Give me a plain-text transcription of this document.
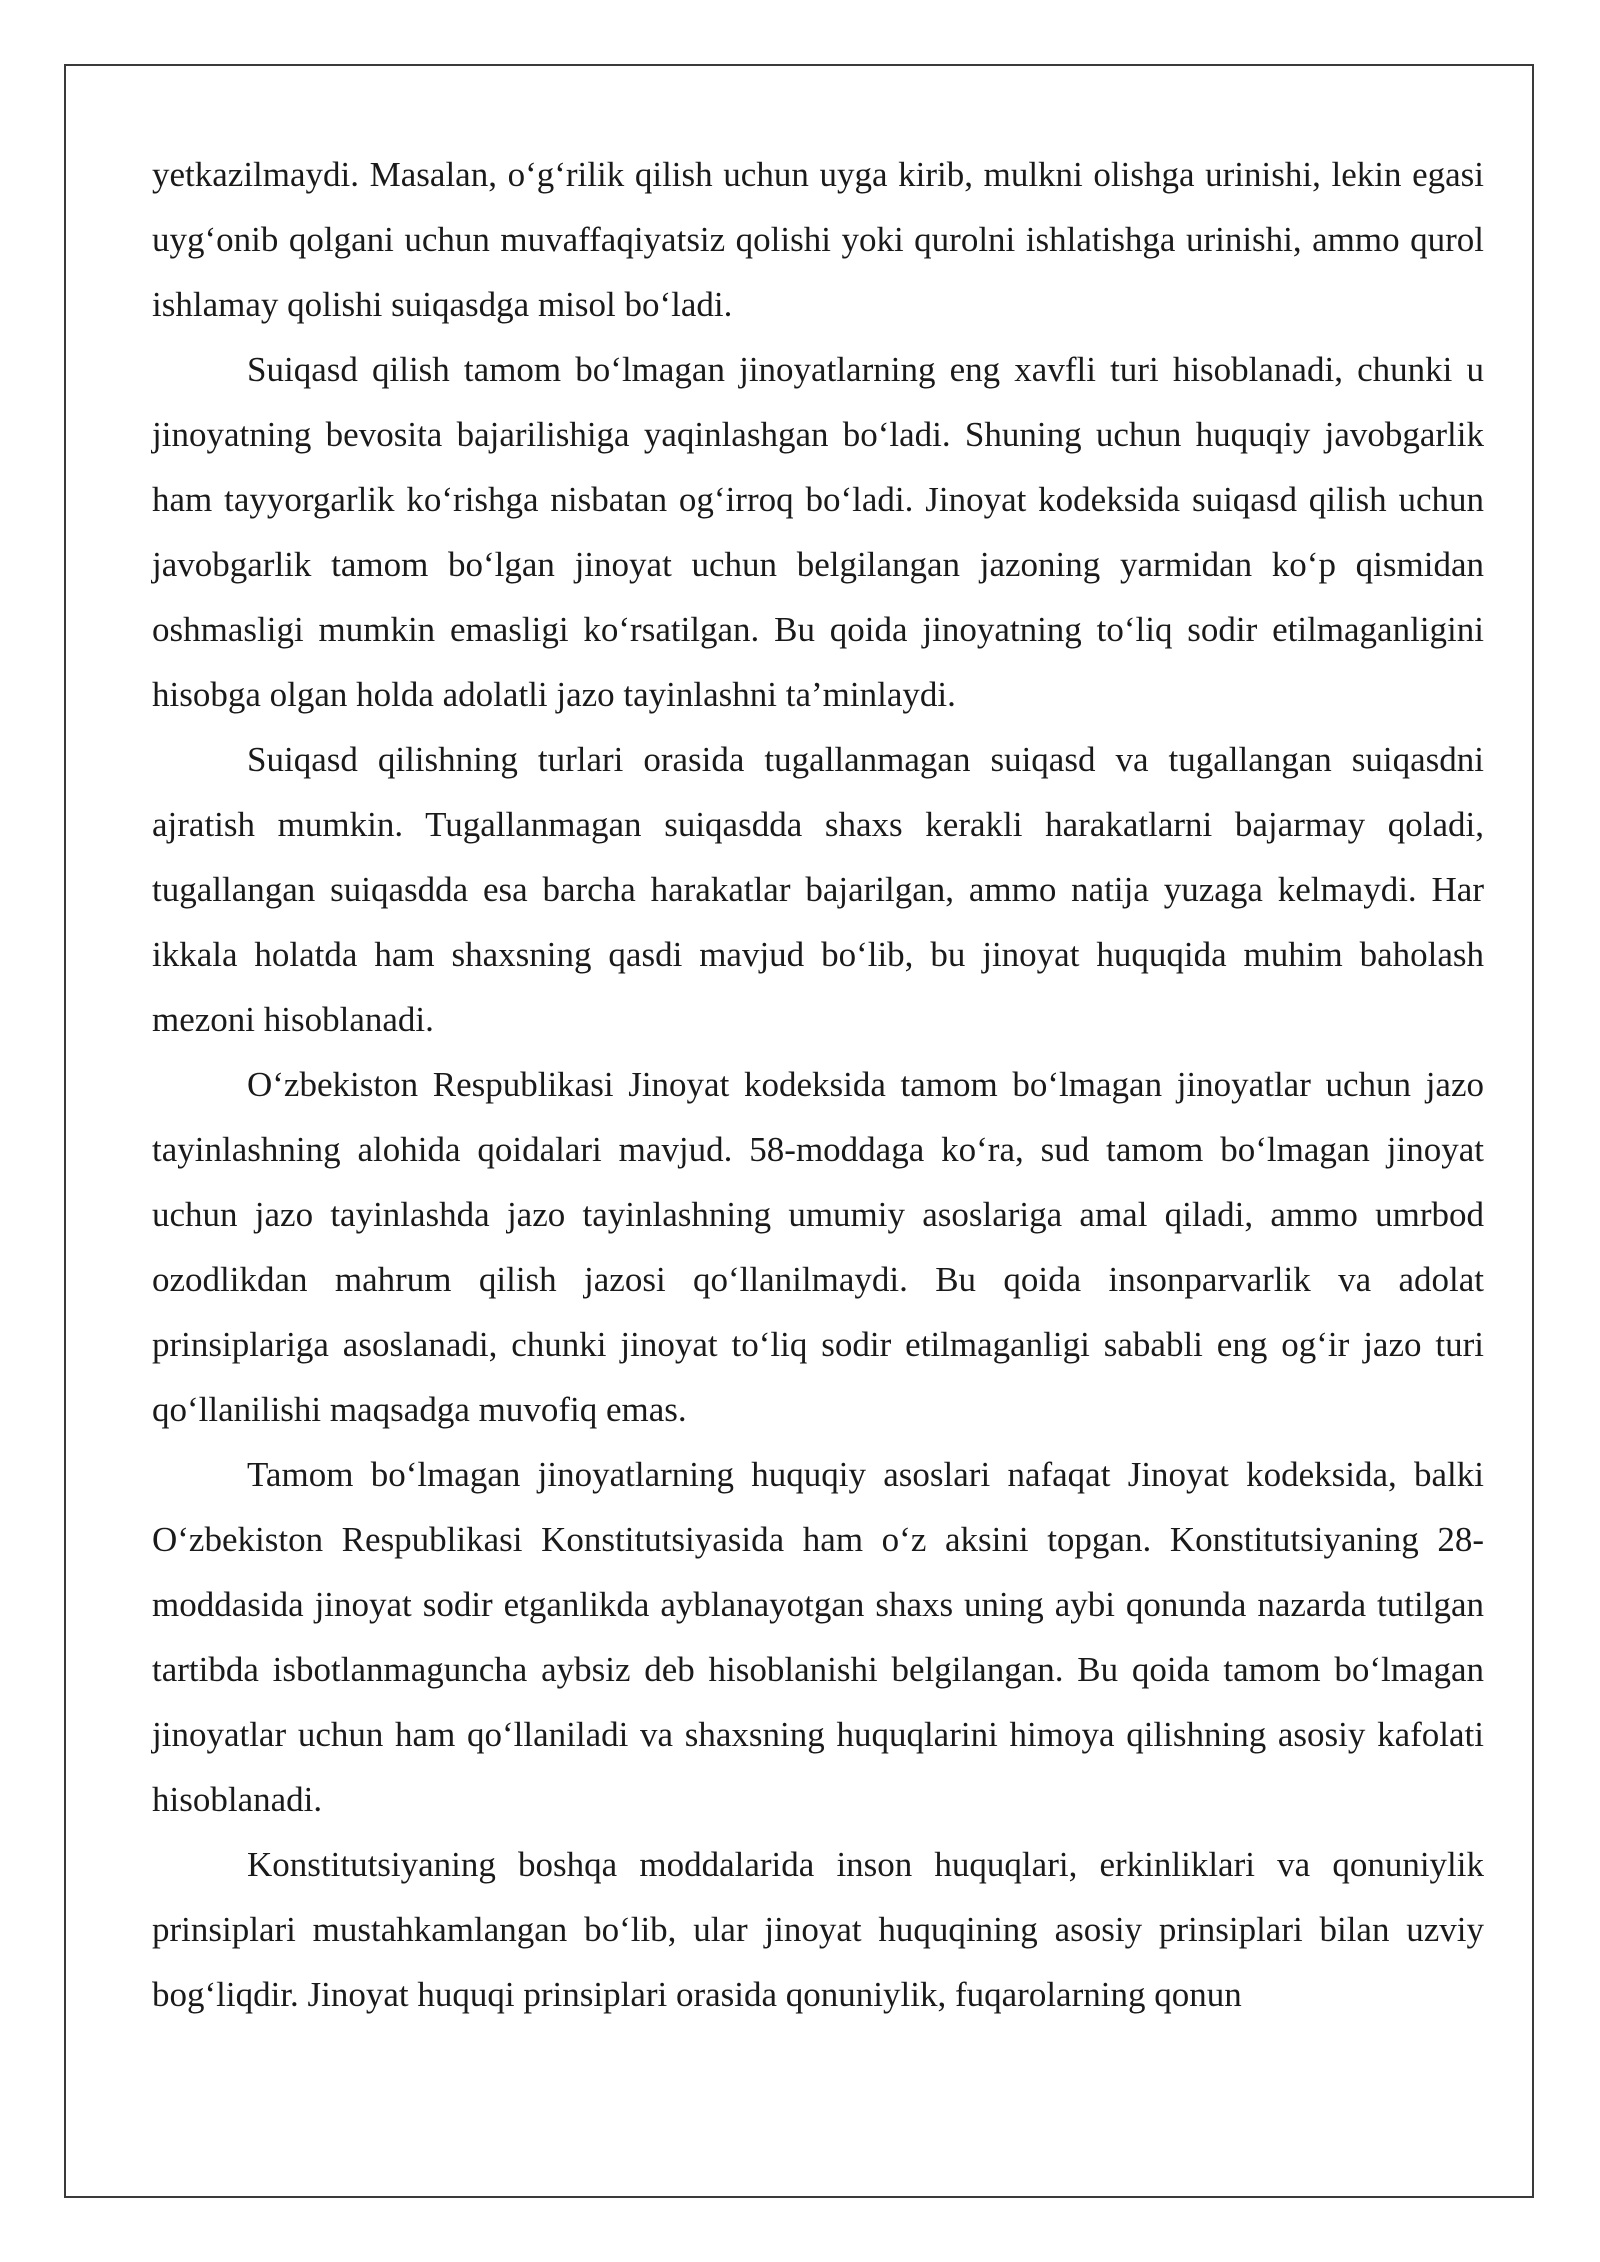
yetkazilmaydi. Masalan, o‘g‘rilik qilish uchun uyga kirib, mulkni olishga urinishi, lekin egasi uyg‘onib qolgani uchun muvaffaqiyatsiz qolishi yoki qurolni ishlatishga urinishi, ammo qurol ishlamay qolishi suiqasdga misol bo‘ladi.

Suiqasd qilish tamom bo‘lmagan jinoyatlarning eng xavfli turi hisoblanadi, chunki u jinoyatning bevosita bajarilishiga yaqinlashgan bo‘ladi. Shuning uchun huquqiy javobgarlik ham tayyorgarlik ko‘rishga nisbatan og‘irroq bo‘ladi. Jinoyat kodeksida suiqasd qilish uchun javobgarlik tamom bo‘lgan jinoyat uchun belgilangan jazoning yarmidan ko‘p qismidan oshmasligi mumkin emasligi ko‘rsatilgan. Bu qoida jinoyatning to‘liq sodir etilmaganligini hisobga olgan holda adolatli jazo tayinlashni ta’minlaydi.

Suiqasd qilishning turlari orasida tugallanmagan suiqasd va tugallangan suiqasdni ajratish mumkin. Tugallanmagan suiqasdda shaxs kerakli harakatlarni bajarmay qoladi, tugallangan suiqasdda esa barcha harakatlar bajarilgan, ammo natija yuzaga kelmaydi. Har ikkala holatda ham shaxsning qasdi mavjud bo‘lib, bu jinoyat huquqida muhim baholash mezoni hisoblanadi.

O‘zbekiston Respublikasi Jinoyat kodeksida tamom bo‘lmagan jinoyatlar uchun jazo tayinlashning alohida qoidalari mavjud. 58-moddaga ko‘ra, sud tamom bo‘lmagan jinoyat uchun jazo tayinlashda jazo tayinlashning umumiy asoslariga amal qiladi, ammo umrbod ozodlikdan mahrum qilish jazosi qo‘llanilmaydi. Bu qoida insonparvarlik va adolat prinsiplariga asoslanadi, chunki jinoyat to‘liq sodir etilmaganligi sababli eng og‘ir jazo turi qo‘llanilishi maqsadga muvofiq emas.

Tamom bo‘lmagan jinoyatlarning huquqiy asoslari nafaqat Jinoyat kodeksida, balki O‘zbekiston Respublikasi Konstitutsiyasida ham o‘z aksini topgan. Konstitutsiyaning 28-moddasida jinoyat sodir etganlikda ayblanayotgan shaxs uning aybi qonunda nazarda tutilgan tartibda isbotlanmaguncha aybsiz deb hisoblanishi belgilangan. Bu qoida tamom bo‘lmagan jinoyatlar uchun ham qo‘llaniladi va shaxsning huquqlarini himoya qilishning asosiy kafolati hisoblanadi.

Konstitutsiyaning boshqa moddalarida inson huquqlari, erkinliklari va qonuniylik prinsiplari mustahkamlangan bo‘lib, ular jinoyat huquqining asosiy prinsiplari bilan uzviy bog‘liqdir. Jinoyat huquqi prinsiplari orasida qonuniylik, fuqarolarning qonun
